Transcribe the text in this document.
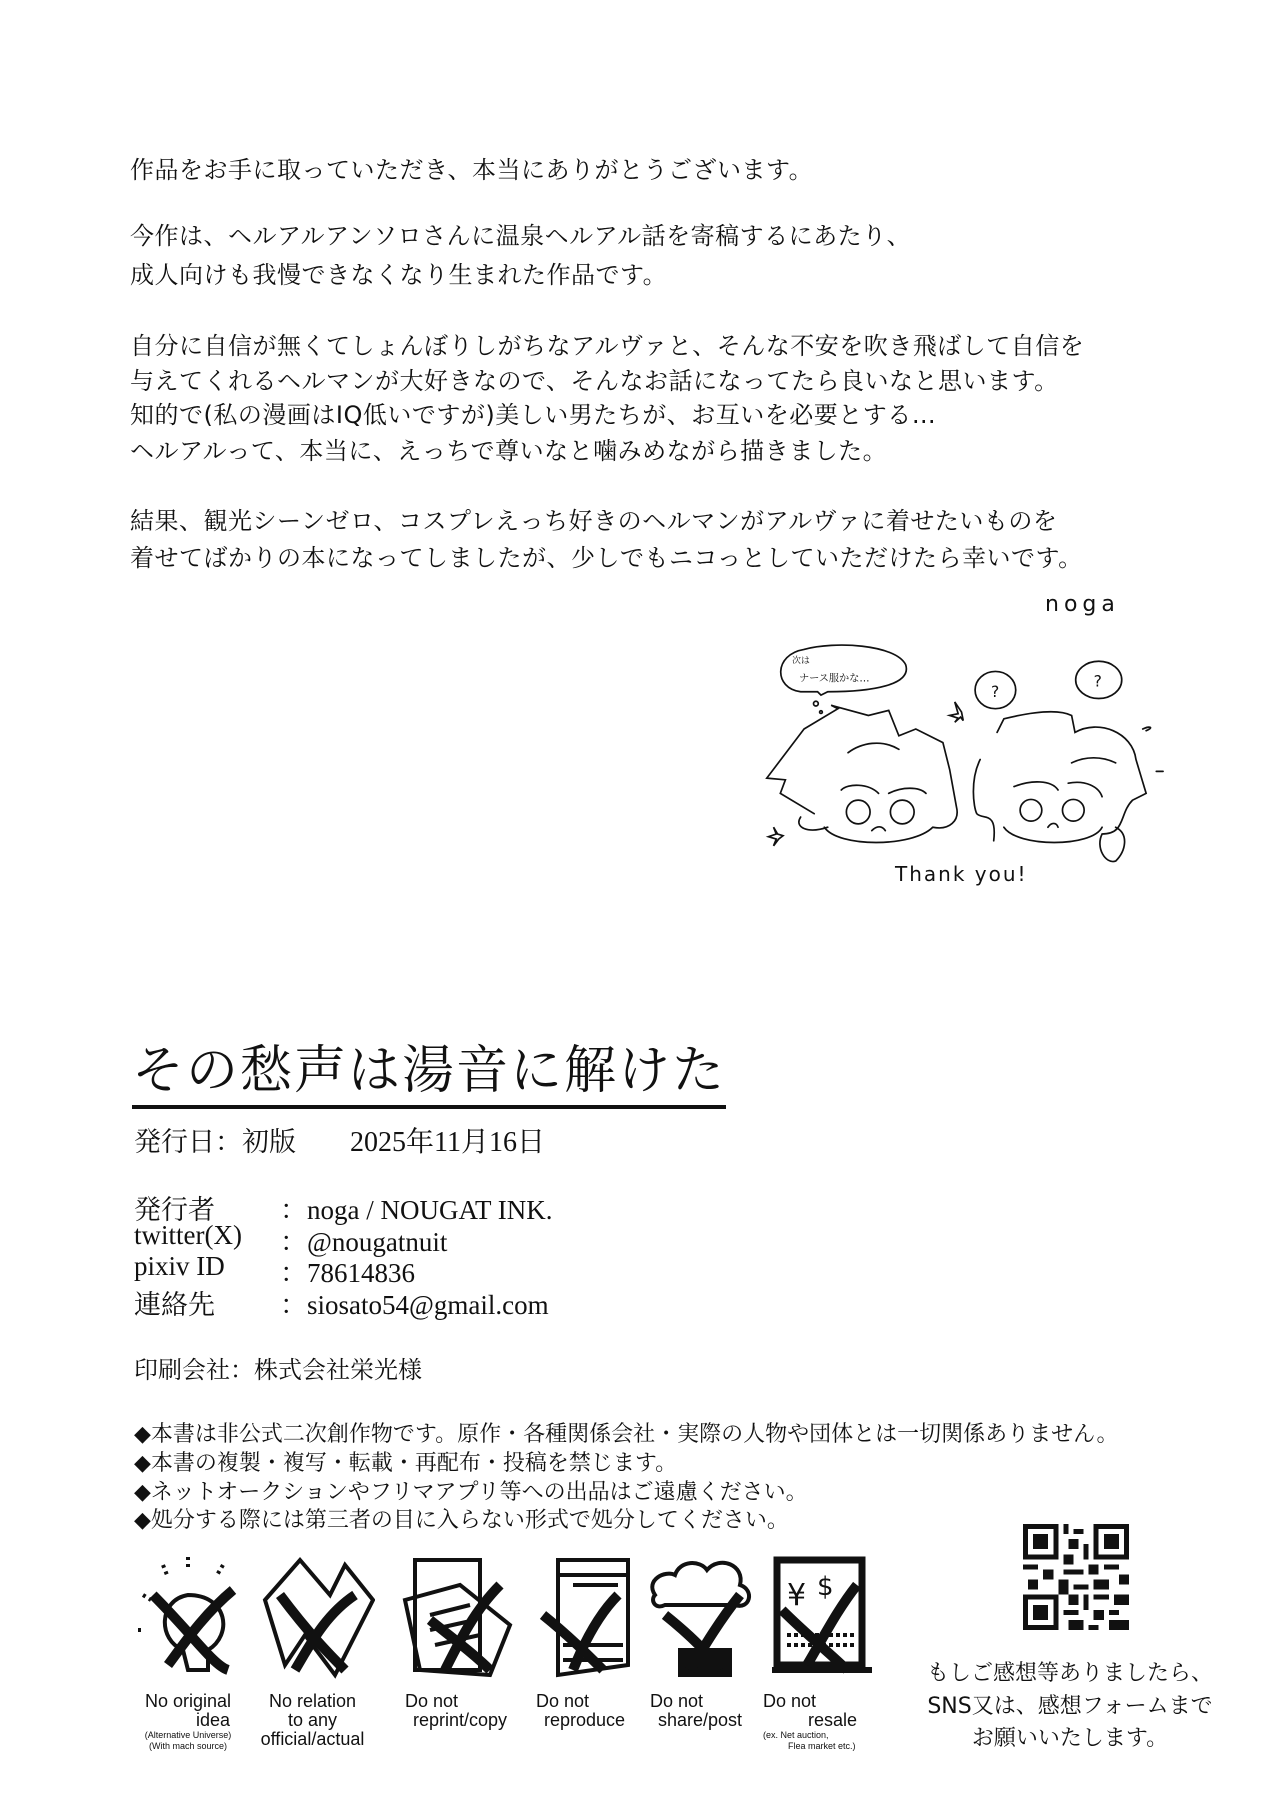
作品をお手に取っていただき、本当にありがとうございます。
今作は、ヘルアルアンソロさんに温泉ヘルアル話を寄稿するにあたり、
成人向けも我慢できなくなり生まれた作品です。
自分に自信が無くてしょんぼりしがちなアルヴァと、そんな不安を吹き飛ばして自信を
与えてくれるヘルマンが大好きなので、そんなお話になってたら良いなと思います。
知的で(私の漫画はIQ低いですが)美しい男たちが、お互いを必要とする…
ヘルアルって、本当に、えっちで尊いなと噛みめながら描きました。
結果、観光シーンゼロ、コスプレえっち好きのヘルマンがアルヴァに着せたいものを
着せてばかりの本になってしましたが、少しでもニコっとしていただけたら幸いです。
noga
次は
ナース服かな…
?
?
Thank you!
その愁声は湯音に解けた
発行日：初版 2025年11月16日
発行者 ：noga / NOUGAT INK.
twitter(X) ：@nougatnuit
pixiv ID ：78614836
連絡先 ：siosato54@gmail.com
印刷会社：株式会社栄光様
◆本書は非公式二次創作物です。原作・各種関係会社・実際の人物や団体とは一切関係ありません。
◆本書の複製・複写・転載・再配布・投稿を禁じます。
◆ネットオークションやフリマアプリ等への出品はご遠慮ください。
◆処分する際には第三者の目に入らない形式で処分してください。
¥ $
No original
idea
(Alternative Universe)
(With mach source)
No relation
to any
official/actual
Do not
reprint/copy
Do not
reproduce
Do not
share/post
Do not
resale
(ex. Net auction,
Flea market etc.)
もしご感想等ありましたら、
SNS又は、感想フォームまで
お願いいたします。
